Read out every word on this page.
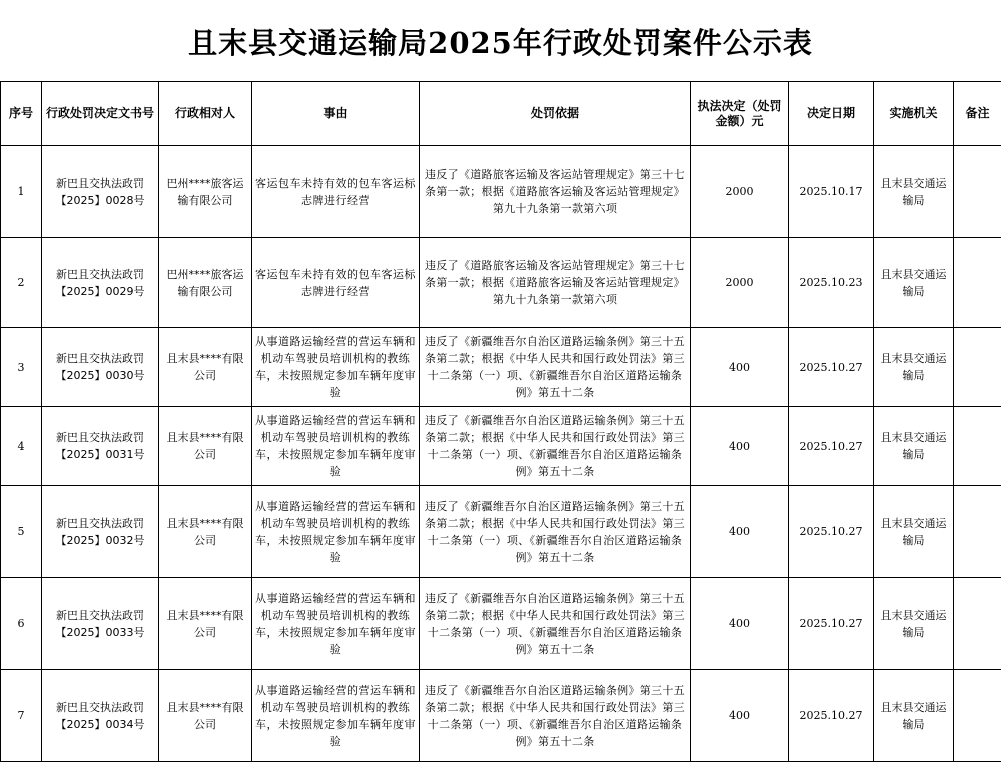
且末县交通运输局2025年行政处罚案件公示表
序号	行政处罚决定文书号	行政相对人	事由	处罚依据	执法决定（处罚金额）元	决定日期	实施机关	备注
1	新巴且交执法政罚【2025】0028号	巴州****旅客运输有限公司	客运包车未持有效的包车客运标志牌进行经营	违反了《道路旅客运输及客运站管理规定》第三十七条第一款；根据《道路旅客运输及客运站管理规定》第九十九条第一款第六项	2000	2025.10.17	且末县交通运输局	
2	新巴且交执法政罚【2025】0029号	巴州****旅客运输有限公司	客运包车未持有效的包车客运标志牌进行经营	违反了《道路旅客运输及客运站管理规定》第三十七条第一款；根据《道路旅客运输及客运站管理规定》第九十九条第一款第六项	2000	2025.10.23	且末县交通运输局	
3	新巴且交执法政罚【2025】0030号	且末县****有限公司	从事道路运输经营的营运车辆和机动车驾驶员培训机构的教练车，未按照规定参加车辆年度审验	违反了《新疆维吾尔自治区道路运输条例》第三十五条第二款；根据《中华人民共和国行政处罚法》第三十二条第（一）项、《新疆维吾尔自治区道路运输条例》第五十二条	400	2025.10.27	且末县交通运输局	
4	新巴且交执法政罚【2025】0031号	且末县****有限公司	从事道路运输经营的营运车辆和机动车驾驶员培训机构的教练车，未按照规定参加车辆年度审验	违反了《新疆维吾尔自治区道路运输条例》第三十五条第二款；根据《中华人民共和国行政处罚法》第三十二条第（一）项、《新疆维吾尔自治区道路运输条例》第五十二条	400	2025.10.27	且末县交通运输局	
5	新巴且交执法政罚【2025】0032号	且末县****有限公司	从事道路运输经营的营运车辆和机动车驾驶员培训机构的教练车，未按照规定参加车辆年度审验	违反了《新疆维吾尔自治区道路运输条例》第三十五条第二款；根据《中华人民共和国行政处罚法》第三十二条第（一）项、《新疆维吾尔自治区道路运输条例》第五十二条	400	2025.10.27	且末县交通运输局	
6	新巴且交执法政罚【2025】0033号	且末县****有限公司	从事道路运输经营的营运车辆和机动车驾驶员培训机构的教练车，未按照规定参加车辆年度审验	违反了《新疆维吾尔自治区道路运输条例》第三十五条第二款；根据《中华人民共和国行政处罚法》第三十二条第（一）项、《新疆维吾尔自治区道路运输条例》第五十二条	400	2025.10.27	且末县交通运输局	
7	新巴且交执法政罚【2025】0034号	且末县****有限公司	从事道路运输经营的营运车辆和机动车驾驶员培训机构的教练车，未按照规定参加车辆年度审验	违反了《新疆维吾尔自治区道路运输条例》第三十五条第二款；根据《中华人民共和国行政处罚法》第三十二条第（一）项、《新疆维吾尔自治区道路运输条例》第五十二条	400	2025.10.27	且末县交通运输局	
